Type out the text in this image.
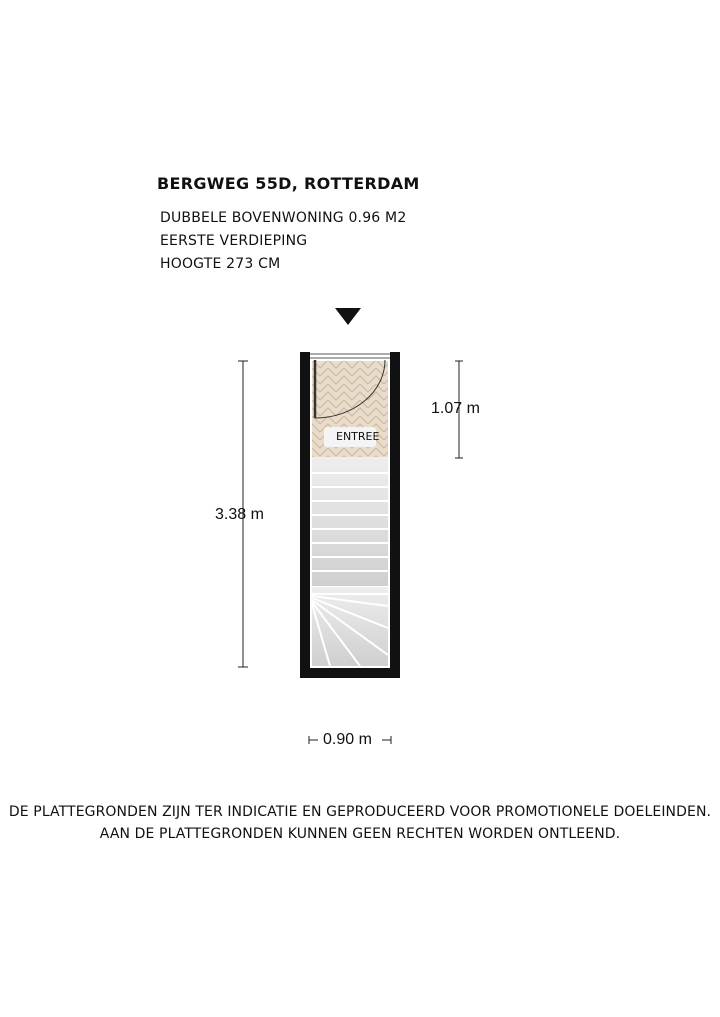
BERGWEG 55D, ROTTERDAM
DUBBELE BOVENWONING 0.96 M2
EERSTE VERDIEPING
HOOGTE 273 CM
ENTREE
3.38 m
1.07 m
0.90 m
DE PLATTEGRONDEN ZIJN TER INDICATIE EN GEPRODUCEERD VOOR PROMOTIONELE DOELEINDEN.
AAN DE PLATTEGRONDEN KUNNEN GEEN RECHTEN WORDEN ONTLEEND.
